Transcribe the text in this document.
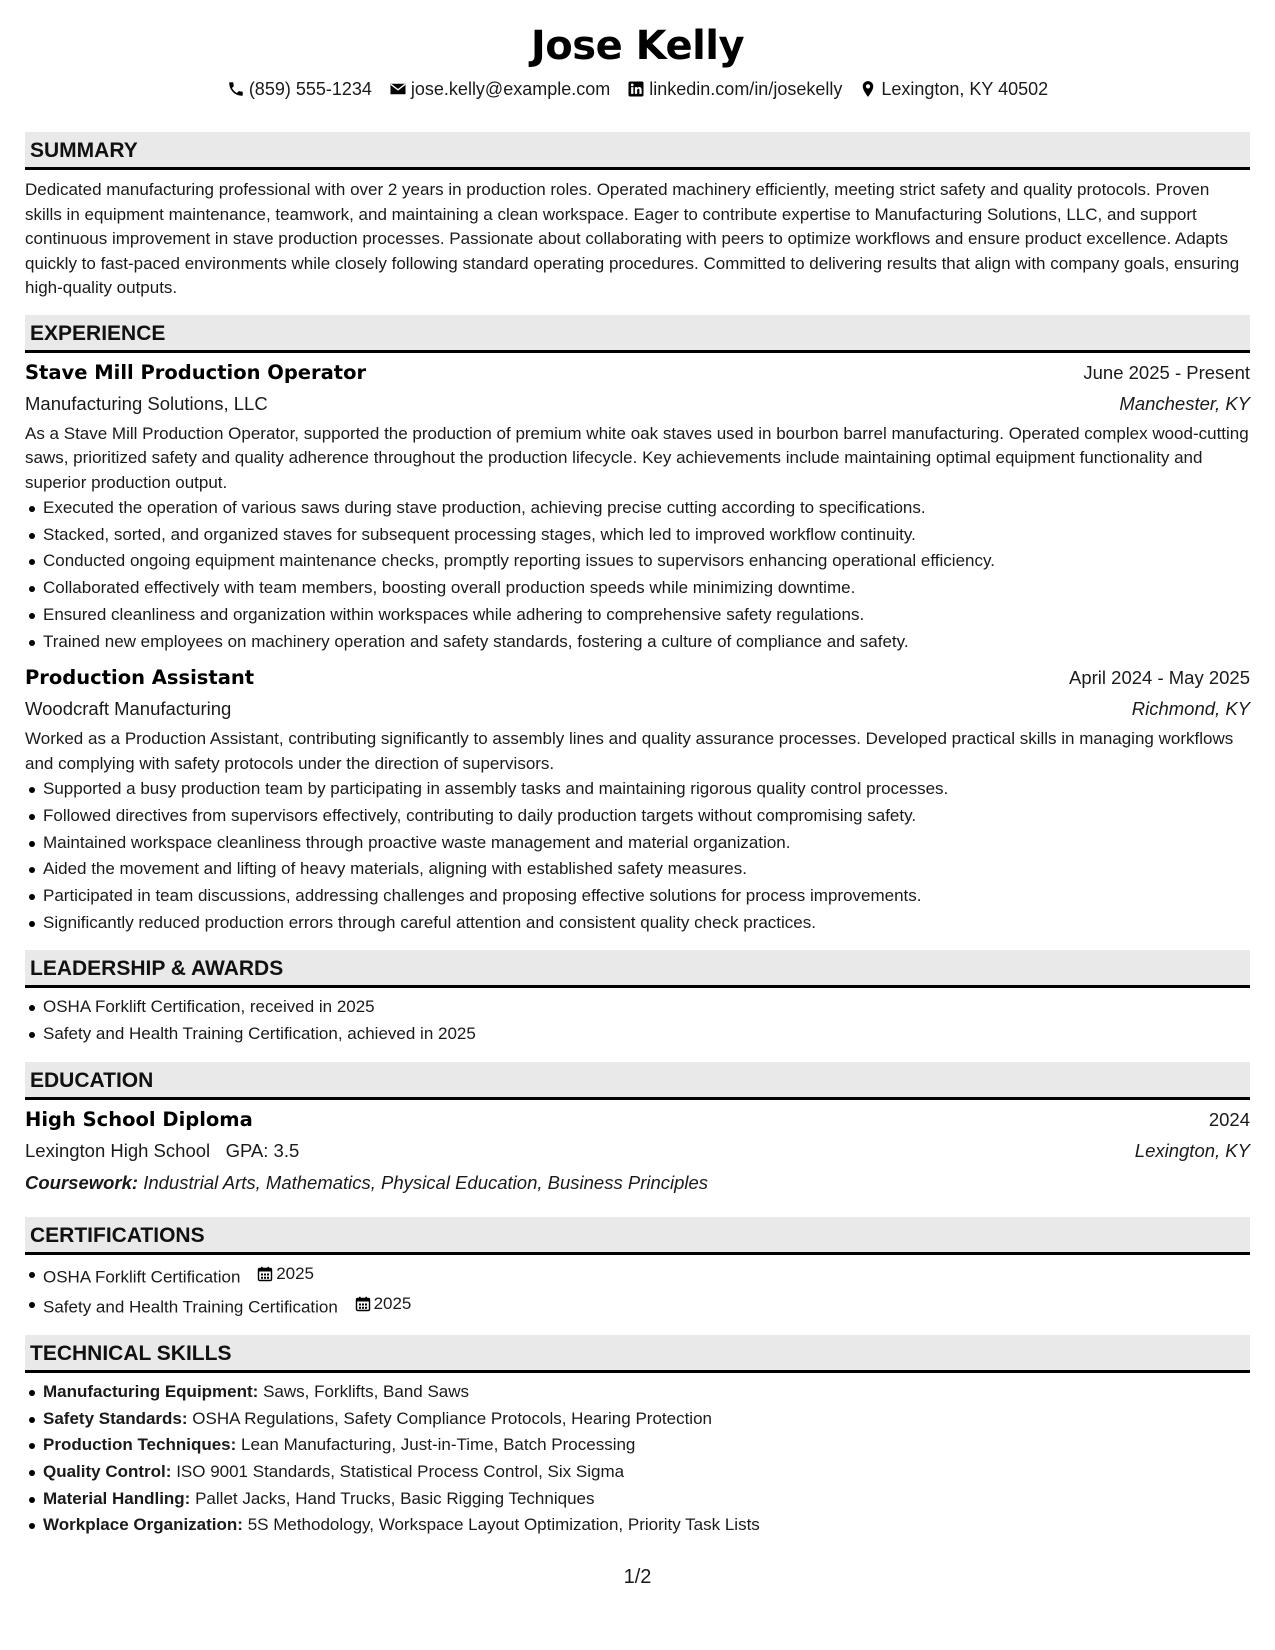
Jose Kelly
(859) 555-1234 jose.kelly@example.com linkedin.com/in/josekelly Lexington, KY 40502
SUMMARY
Dedicated manufacturing professional with over 2 years in production roles. Operated machinery efficiently, meeting strict safety and quality protocols. Proven skills in equipment maintenance, teamwork, and maintaining a clean workspace. Eager to contribute expertise to Manufacturing Solutions, LLC, and support continuous improvement in stave production processes. Passionate about collaborating with peers to optimize workflows and ensure product excellence. Adapts quickly to fast-paced environments while closely following standard operating procedures. Committed to delivering results that align with company goals, ensuring high-quality outputs.
EXPERIENCE
Stave Mill Production Operator	June 2025 - Present
Manufacturing Solutions, LLC	Manchester, KY
As a Stave Mill Production Operator, supported the production of premium white oak staves used in bourbon barrel manufacturing. Operated complex wood-cutting saws, prioritized safety and quality adherence throughout the production lifecycle. Key achievements include maintaining optimal equipment functionality and superior production output.
Executed the operation of various saws during stave production, achieving precise cutting according to specifications.
Stacked, sorted, and organized staves for subsequent processing stages, which led to improved workflow continuity.
Conducted ongoing equipment maintenance checks, promptly reporting issues to supervisors enhancing operational efficiency.
Collaborated effectively with team members, boosting overall production speeds while minimizing downtime.
Ensured cleanliness and organization within workspaces while adhering to comprehensive safety regulations.
Trained new employees on machinery operation and safety standards, fostering a culture of compliance and safety.
Production Assistant	April 2024 - May 2025
Woodcraft Manufacturing	Richmond, KY
Worked as a Production Assistant, contributing significantly to assembly lines and quality assurance processes. Developed practical skills in managing workflows and complying with safety protocols under the direction of supervisors.
Supported a busy production team by participating in assembly tasks and maintaining rigorous quality control processes.
Followed directives from supervisors effectively, contributing to daily production targets without compromising safety.
Maintained workspace cleanliness through proactive waste management and material organization.
Aided the movement and lifting of heavy materials, aligning with established safety measures.
Participated in team discussions, addressing challenges and proposing effective solutions for process improvements.
Significantly reduced production errors through careful attention and consistent quality check practices.
LEADERSHIP & AWARDS
OSHA Forklift Certification, received in 2025
Safety and Health Training Certification, achieved in 2025
EDUCATION
High School Diploma	2024
Lexington High School GPA: 3.5	Lexington, KY
Coursework: Industrial Arts, Mathematics, Physical Education, Business Principles
CERTIFICATIONS
OSHA Forklift Certification 2025
Safety and Health Training Certification 2025
TECHNICAL SKILLS
Manufacturing Equipment: Saws, Forklifts, Band Saws
Safety Standards: OSHA Regulations, Safety Compliance Protocols, Hearing Protection
Production Techniques: Lean Manufacturing, Just-in-Time, Batch Processing
Quality Control: ISO 9001 Standards, Statistical Process Control, Six Sigma
Material Handling: Pallet Jacks, Hand Trucks, Basic Rigging Techniques
Workplace Organization: 5S Methodology, Workspace Layout Optimization, Priority Task Lists
1/2
